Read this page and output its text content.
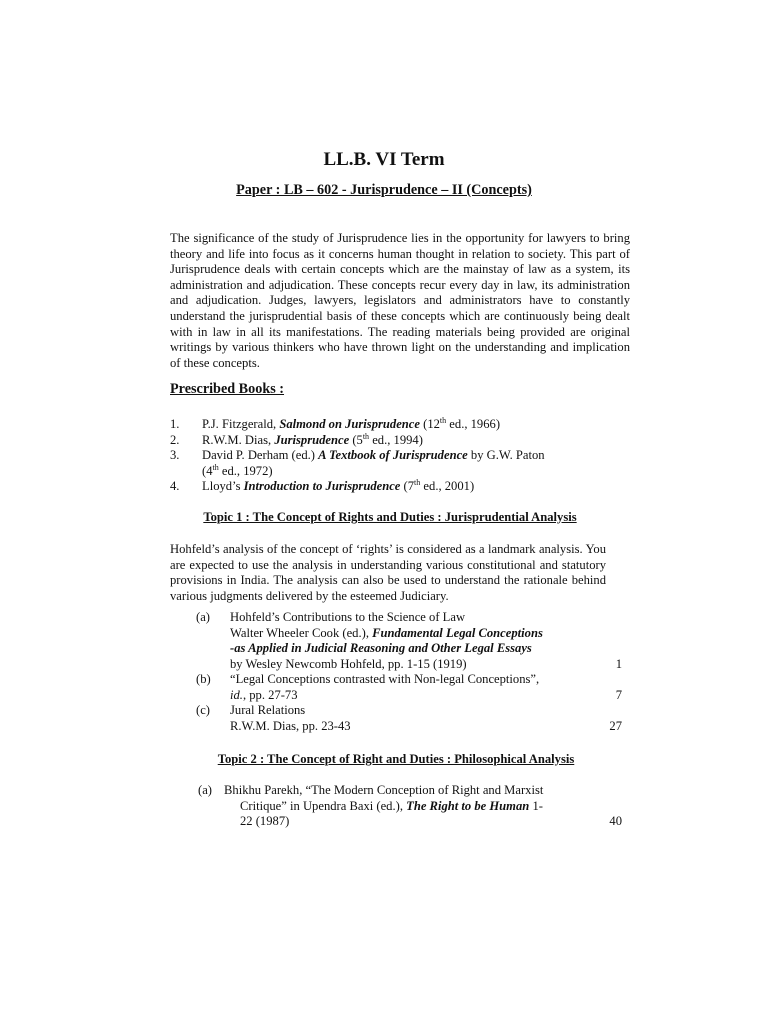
LL.B. VI Term
Paper : LB – 602 - Jurisprudence – II (Concepts)

The significance of the study of Jurisprudence lies in the opportunity for lawyers to bring theory and life into focus as it concerns human thought in relation to society. This part of Jurisprudence deals with certain concepts which are the mainstay of law as a system, its administration and adjudication. These concepts recur every day in law, its administration and adjudication. Judges, lawyers, legislators and administrators have to constantly understand the jurisprudential basis of these concepts which are continuously being dealt with in law in all its manifestations. The reading materials being provided are original writings by various thinkers who have thrown light on the understanding and implication of these concepts.

Prescribed Books :
1.	P.J. Fitzgerald, Salmond on Jurisprudence (12th ed., 1966)
2.	R.W.M. Dias, Jurisprudence (5th ed., 1994)
3.	David P. Derham (ed.) A Textbook of Jurisprudence by G.W. Paton
(4th ed., 1972)
4.	Lloyd’s Introduction to Jurisprudence (7th ed., 2001)
Topic 1 : The Concept of Rights and Duties : Jurisprudential Analysis

Hohfeld’s analysis of the concept of ‘rights’ is considered as a landmark analysis. You are expected to use the analysis in understanding various constitutional and statutory provisions in India. The analysis can also be used to understand the rationale behind various judgments delivered by the esteemed Judiciary.

(a) Hohfeld’s Contributions to the Science of Law
Walter Wheeler Cook (ed.), Fundamental Legal Conceptions
-as Applied in Judicial Reasoning and Other Legal Essays
by Wesley Newcomb Hohfeld, pp. 1-15 (1919)	1
(b) “Legal Conceptions contrasted with Non-legal Conceptions”,
id., pp. 27-73	7
(c) Jural Relations
R.W.M. Dias, pp. 23-43	27
Topic 2 : The Concept of Right and Duties : Philosophical Analysis
(a) Bhikhu Parekh, “The Modern Conception of Right and Marxist
Critique” in Upendra Baxi (ed.), The Right to be Human 1-
22 (1987)	40
